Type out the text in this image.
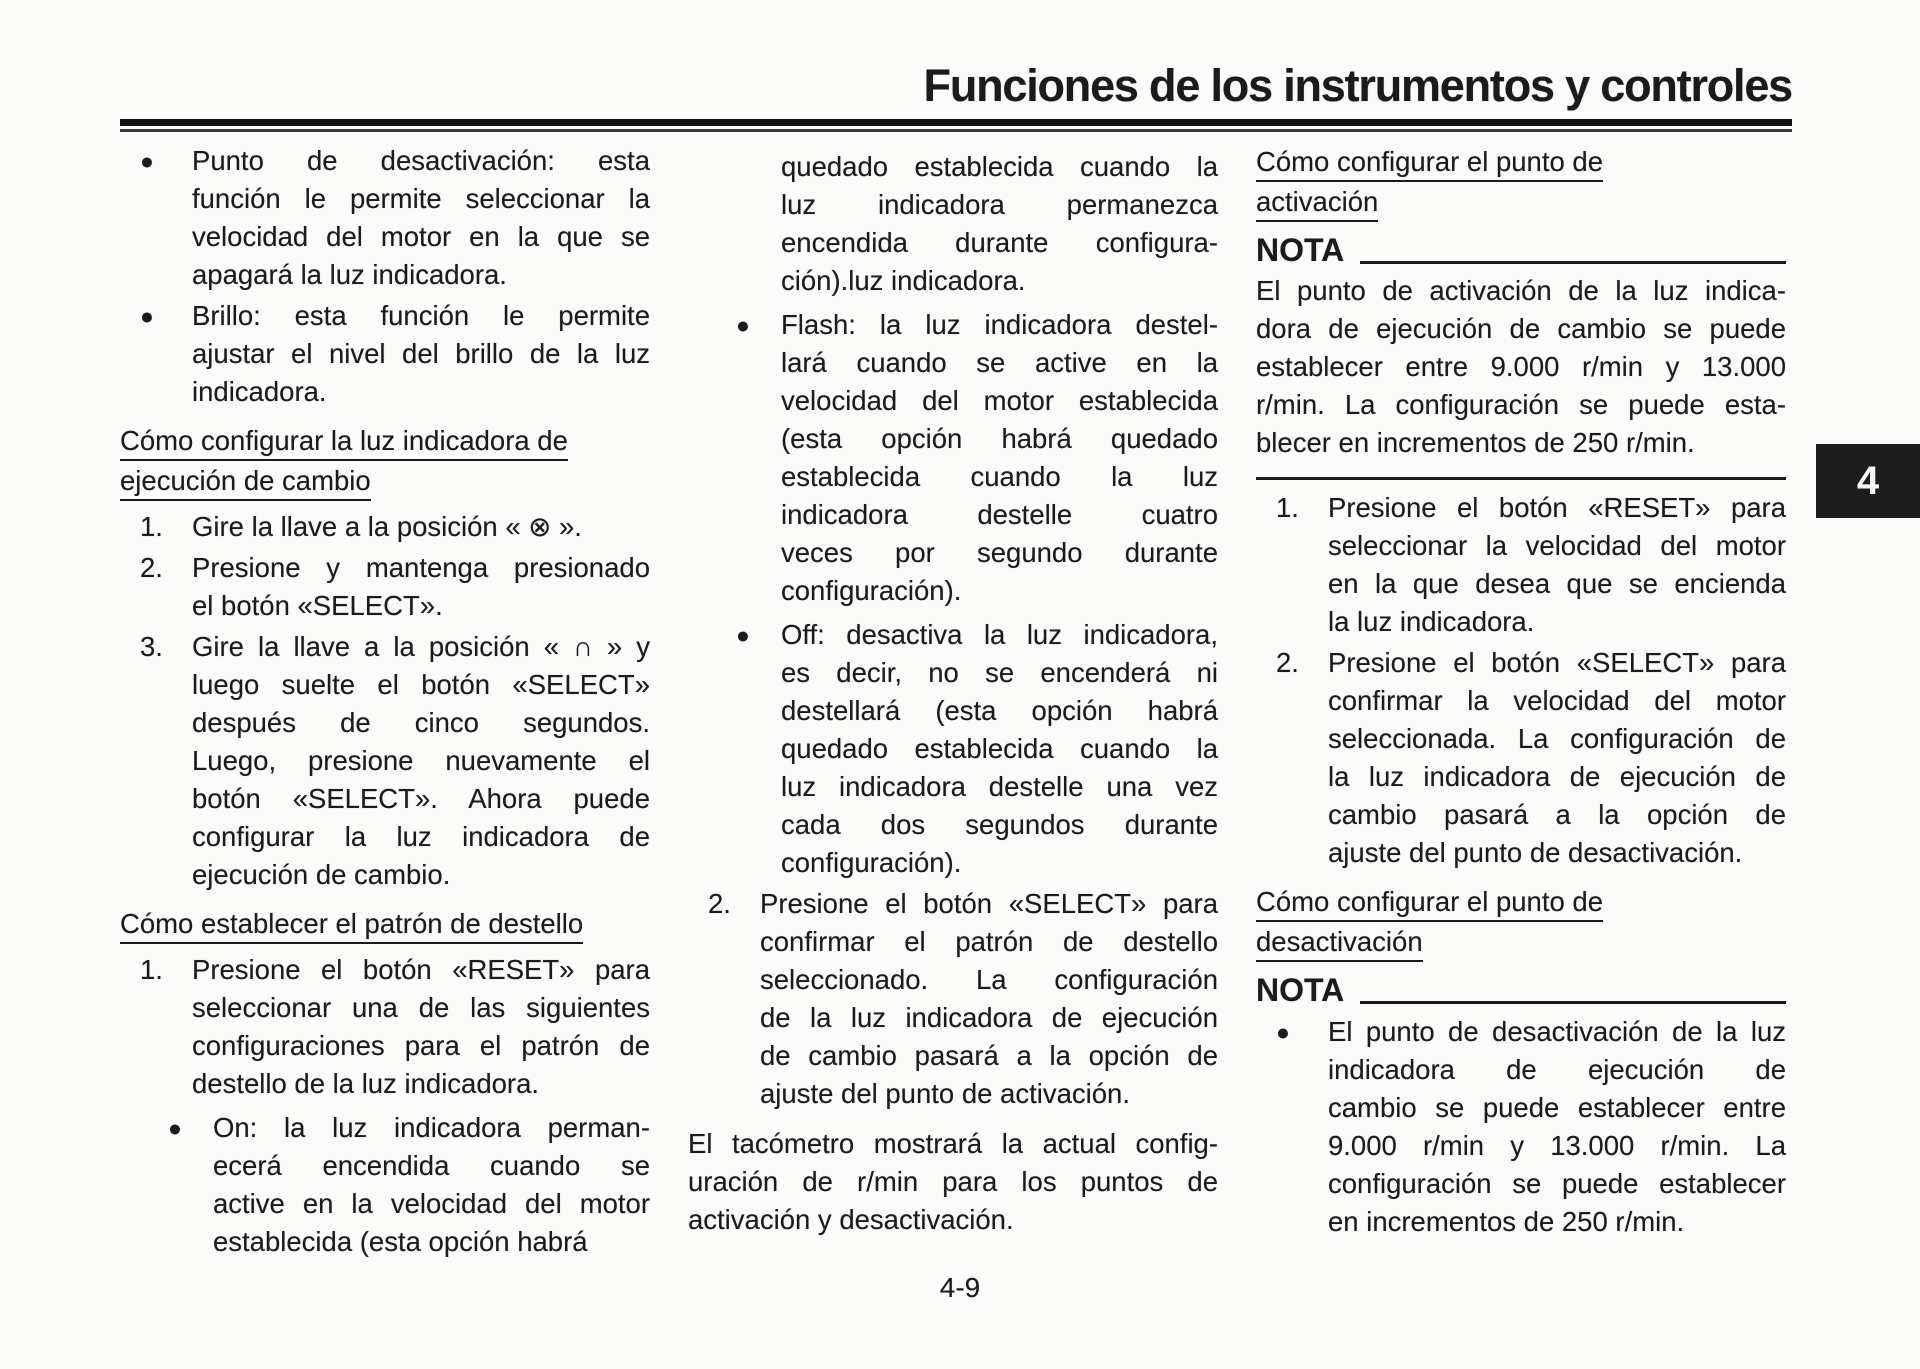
Funciones de los instrumentos y controles
●	Punto de desactivación: esta
función le permite seleccionar la
velocidad del motor en la que se
apagará la luz indicadora.
●	Brillo: esta función le permite
ajustar el nivel del brillo de la luz
indicadora.
Cómo configurar la luz indicadora de
ejecución de cambio
1.	Gire la llave a la posición « ⊗ ».
2.	Presione y mantenga presionado
el botón «SELECT».
3.	Gire la llave a la posición « ∩ » y
luego suelte el botón «SELECT»
después de cinco segundos.
Luego, presione nuevamente el
botón «SELECT». Ahora puede
configurar la luz indicadora de
ejecución de cambio.
Cómo establecer el patrón de destello
1.	Presione el botón «RESET» para
seleccionar una de las siguientes
configuraciones para el patrón de
destello de la luz indicadora.
●	On: la luz indicadora perman-
ecerá encendida cuando se
active en la velocidad del motor
establecida (esta opción habrá
quedado establecida cuando la
luz indicadora permanezca
encendida durante configura-
ción).luz indicadora.
●	Flash: la luz indicadora destel-
lará cuando se active en la
velocidad del motor establecida
(esta opción habrá quedado
establecida cuando la luz
indicadora destelle cuatro
veces por segundo durante
configuración).
●	Off: desactiva la luz indicadora,
es decir, no se encenderá ni
destellará (esta opción habrá
quedado establecida cuando la
luz indicadora destelle una vez
cada dos segundos durante
configuración).
2.	Presione el botón «SELECT» para
confirmar el patrón de destello
seleccionado. La configuración
de la luz indicadora de ejecución
de cambio pasará a la opción de
ajuste del punto de activación.
El tacómetro mostrará la actual config-
uración de r/min para los puntos de
activación y desactivación.
Cómo configurar el punto de
activación
NOTA
El punto de activación de la luz indica-
dora de ejecución de cambio se puede
establecer entre 9.000 r/min y 13.000
r/min. La configuración se puede esta-
blecer en incrementos de 250 r/min.
1.	Presione el botón «RESET» para
seleccionar la velocidad del motor
en la que desea que se encienda
la luz indicadora.
2.	Presione el botón «SELECT» para
confirmar la velocidad del motor
seleccionada. La configuración de
la luz indicadora de ejecución de
cambio pasará a la opción de
ajuste del punto de desactivación.
Cómo configurar el punto de
desactivación
NOTA
●	El punto de desactivación de la luz
indicadora de ejecución de
cambio se puede establecer entre
9.000 r/min y 13.000 r/min. La
configuración se puede establecer
en incrementos de 250 r/min.
4
4-9
